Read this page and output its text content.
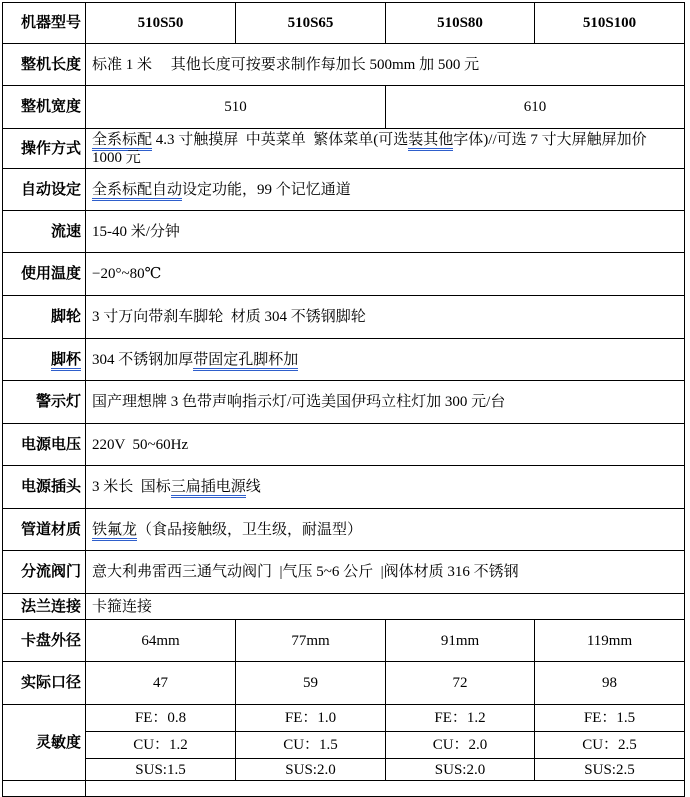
机器型号	510S50	510S65	510S80	510S100
整机长度	标准 1 米　 其他长度可按要求制作每加长 500mm 加 500 元			
整机宽度	510		610	
操作方式	全系标配 4.3 寸触摸屏  中英菜单  繁体菜单(可选装其他字体)//可选 7 寸大屏触屏加价 1000 元			
自动设定	全系标配自动设定功能，99 个记忆通道			
流速	15-40 米/分钟			
使用温度	−20°~80℃			
脚轮	3 寸万向带刹车脚轮  材质 304 不锈钢脚轮			
脚杯	304 不锈钢加厚带固定孔脚杯加			
警示灯	国产理想牌 3 色带声响指示灯/可选美国伊玛立柱灯加 300 元/台			
电源电压	220V  50~60Hz			
电源插头	3 米长  国标三扁插电源线			
管道材质	铁氟龙（食品接触级，卫生级，耐温型）			
分流阀门	意大利弗雷西三通气动阀门  |气压 5~6 公斤  |阀体材质 316 不锈钢			
法兰连接	卡箍连接			
卡盘外径	64mm	77mm	91mm	119mm
实际口径	47	59	72	98
灵敏度	FE：0.8	FE：1.0	FE：1.2	FE：1.5
	CU：1.2	CU：1.5	CU：2.0	CU：2.5
	SUS:1.5	SUS:2.0	SUS:2.0	SUS:2.5
